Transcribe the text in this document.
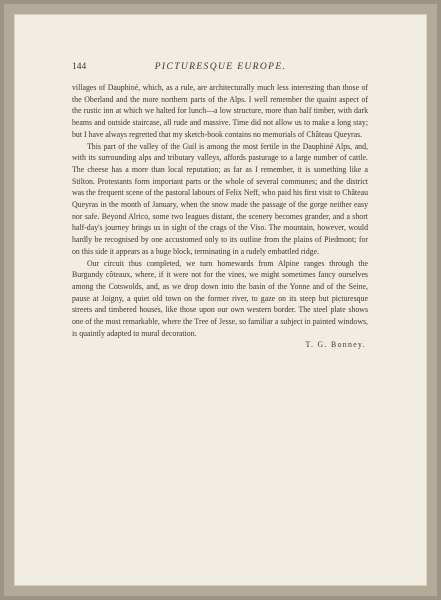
144	PICTURESQUE EUROPE.

villages of Dauphiné, which, as a rule, are architecturally much less interesting than those of the Oberland and the more northern parts of the Alps. I well remember the quaint aspect of the rustic inn at which we halted for lunch—a low structure, more than half timber, with dark beams and outside staircase, all rude and massive. Time did not allow us to make a long stay; but I have always regretted that my sketch-book contains no memorials of Château Queyras.

This part of the valley of the Guil is among the most fertile in the Dauphiné Alps, and, with its surrounding alps and tributary valleys, affords pasturage to a large number of cattle. The cheese has a more than local reputation; as far as I remember, it is something like a Stilton. Protestants form important parts or the whole of several communes; and the district was the frequent scene of the pastoral labours of Felix Neff, who paid his first visit to Château Queyras in the month of January, when the snow made the passage of the gorge neither easy nor safe. Beyond Alrico, some two leagues distant, the scenery becomes grander, and a short half-day's journey brings us in sight of the crags of the Viso. The mountain, however, would hardly be recognised by one accustomed only to its outline from the plains of Piedmont; for on this side it appears as a huge block, terminating in a rudely embattled ridge.

Our circuit thus completed, we turn homewards from Alpine ranges through the Burgundy côteaux, where, if it were not for the vines, we might sometimes fancy ourselves among the Cotswolds, and, as we drop down into the basin of the Yonne and of the Seine, pause at Joigny, a quiet old town on the former river, to gaze on its steep but picturesque streets and timbered houses, like those upon our own western border. The steel plate shows one of the most remarkable, where the Tree of Jesse, so familiar a subject in painted windows, is quaintly adapted to mural decoration.

T. G. Bonney.
